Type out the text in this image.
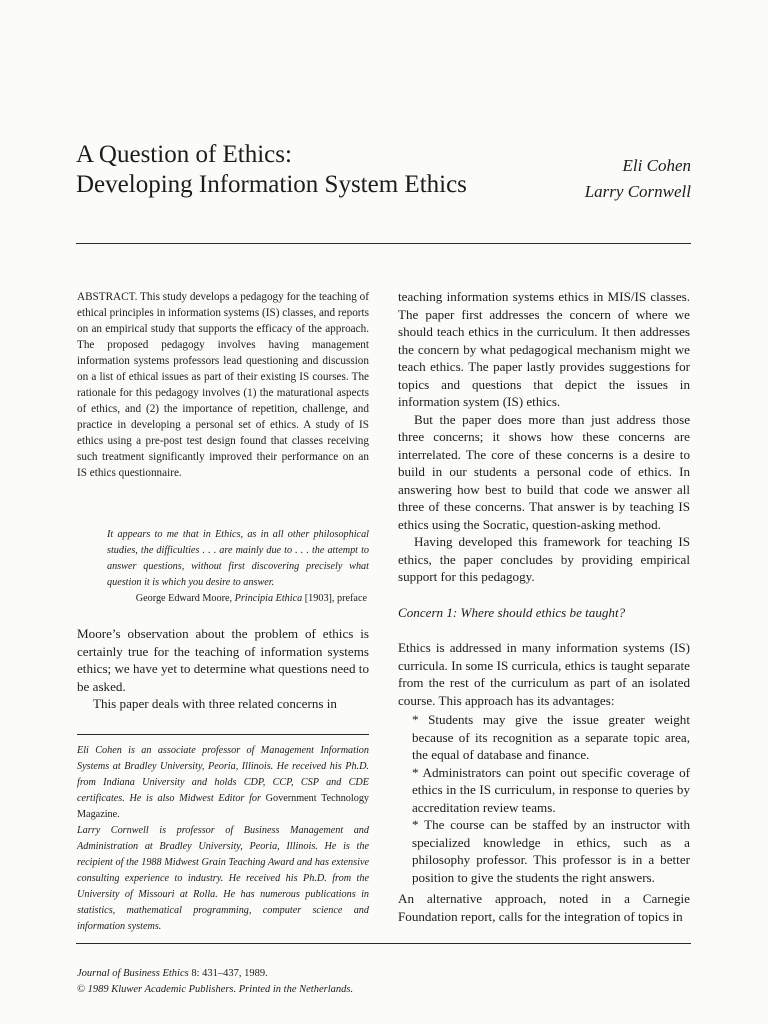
A Question of Ethics:
Developing Information System Ethics
Eli Cohen
Larry Cornwell
ABSTRACT. This study develops a pedagogy for the teaching of ethical principles in information systems (IS) classes, and reports on an empirical study that supports the efficacy of the approach. The proposed pedagogy involves having management information systems professors lead questioning and discussion on a list of ethical issues as part of their existing IS courses. The rationale for this pedagogy involves (1) the maturational aspects of ethics, and (2) the importance of repetition, challenge, and practice in developing a personal set of ethics. A study of IS ethics using a pre-post test design found that classes receiving such treatment significantly improved their performance on an IS ethics questionnaire.
It appears to me that in Ethics, as in all other philosophical studies, the difficulties . . . are mainly due to . . . the attempt to answer questions, without first discovering precisely what question it is which you desire to answer.
George Edward Moore, Principia Ethica [1903], preface

Moore’s observation about the problem of ethics is certainly true for the teaching of information systems ethics; we have yet to determine what questions need to be asked.

This paper deals with three related concerns in

Eli Cohen is an associate professor of Management Information Systems at Bradley University, Peoria, Illinois. He received his Ph.D. from Indiana University and holds CDP, CCP, CSP and CDE certificates. He is also Midwest Editor for Government Technology Magazine.

Larry Cornwell is professor of Business Management and Administration at Bradley University, Peoria, Illinois. He is the recipient of the 1988 Midwest Grain Teaching Award and has extensive consulting experience to industry. He received his Ph.D. from the University of Missouri at Rolla. He has numerous publications in statistics, mathematical programming, computer science and information systems.

teaching information systems ethics in MIS/IS classes. The paper first addresses the concern of where we should teach ethics in the curriculum. It then addresses the concern by what pedagogical mechanism might we teach ethics. The paper lastly provides suggestions for topics and questions that depict the issues in information system (IS) ethics.

But the paper does more than just address those three concerns; it shows how these concerns are interrelated. The core of these concerns is a desire to build in our students a personal code of ethics. In answering how best to build that code we answer all three of these concerns. That answer is by teaching IS ethics using the Socratic, question-asking method.

Having developed this framework for teaching IS ethics, the paper concludes by providing empirical support for this pedagogy.

Concern 1: Where should ethics be taught?

Ethics is addressed in many information systems (IS) curricula. In some IS curricula, ethics is taught separate from the rest of the curriculum as part of an isolated course. This approach has its advantages:

* Students may give the issue greater weight because of its recognition as a separate topic area, the equal of database and finance.

* Administrators can point out specific coverage of ethics in the IS curriculum, in response to queries by accreditation review teams.

* The course can be staffed by an instructor with specialized knowledge in ethics, such as a philosophy professor. This professor is in a better position to give the students the right answers.

An alternative approach, noted in a Carnegie Foundation report, calls for the integration of topics in

Journal of Business Ethics 8: 431–437, 1989.
© 1989 Kluwer Academic Publishers. Printed in the Netherlands.
